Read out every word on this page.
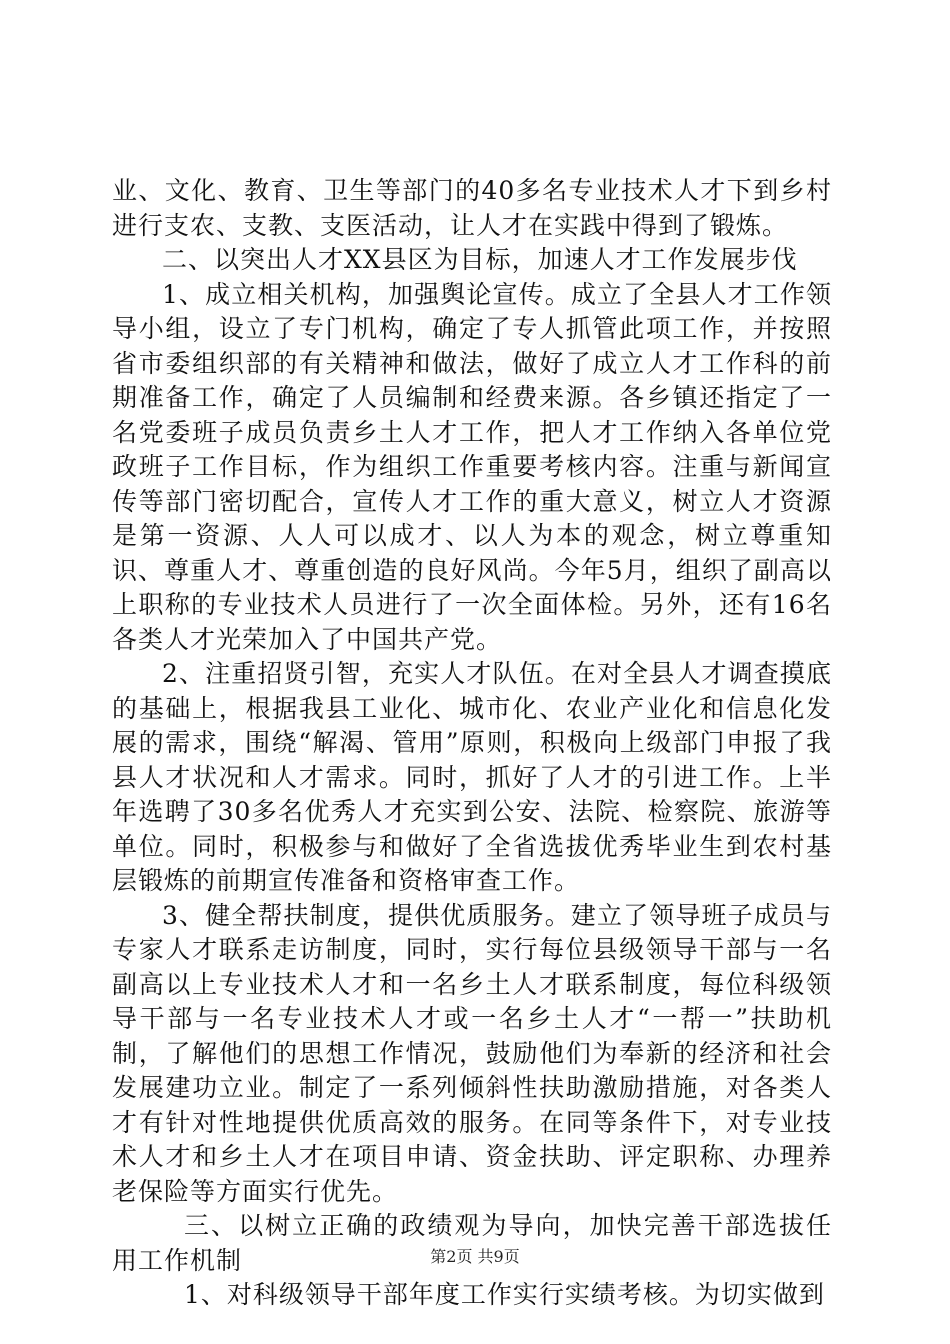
业、文化、教育、卫生等部门的40多名专业技术人才下到乡村进行支农、支教、支医活动，让人才在实践中得到了锻炼。

二、以突出人才XX县区为目标，加速人才工作发展步伐

1、成立相关机构，加强舆论宣传。成立了全县人才工作领导小组，设立了专门机构，确定了专人抓管此项工作，并按照省市委组织部的有关精神和做法，做好了成立人才工作科的前期准备工作，确定了人员编制和经费来源。各乡镇还指定了一名党委班子成员负责乡土人才工作，把人才工作纳入各单位党政班子工作目标，作为组织工作重要考核内容。注重与新闻宣传等部门密切配合，宣传人才工作的重大意义，树立人才资源是第一资源、人人可以成才、以人为本的观念，树立尊重知识、尊重人才、尊重创造的良好风尚。今年5月，组织了副高以上职称的专业技术人员进行了一次全面体检。另外，还有16名各类人才光荣加入了中国共产党。

2、注重招贤引智，充实人才队伍。在对全县人才调查摸底的基础上，根据我县工业化、城市化、农业产业化和信息化发展的需求，围绕“解渴、管用”原则，积极向上级部门申报了我县人才状况和人才需求。同时，抓好了人才的引进工作。上半年选聘了30多名优秀人才充实到公安、法院、检察院、旅游等单位。同时，积极参与和做好了全省选拔优秀毕业生到农村基层锻炼的前期宣传准备和资格审查工作。

3、健全帮扶制度，提供优质服务。建立了领导班子成员与专家人才联系走访制度，同时，实行每位县级领导干部与一名副高以上专业技术人才和一名乡土人才联系制度，每位科级领导干部与一名专业技术人才或一名乡土人才“一帮一”扶助机制，了解他们的思想工作情况，鼓励他们为奉新的经济和社会发展建功立业。制定了一系列倾斜性扶助激励措施，对各类人才有针对性地提供优质高效的服务。在同等条件下，对专业技术人才和乡土人才在项目申请、资金扶助、评定职称、办理养老保险等方面实行优先。

三、以树立正确的政绩观为导向，加快完善干部选拔任用工作机制

1、对科级领导干部年度工作实行实绩考核。为切实做到

第2页 共9页
